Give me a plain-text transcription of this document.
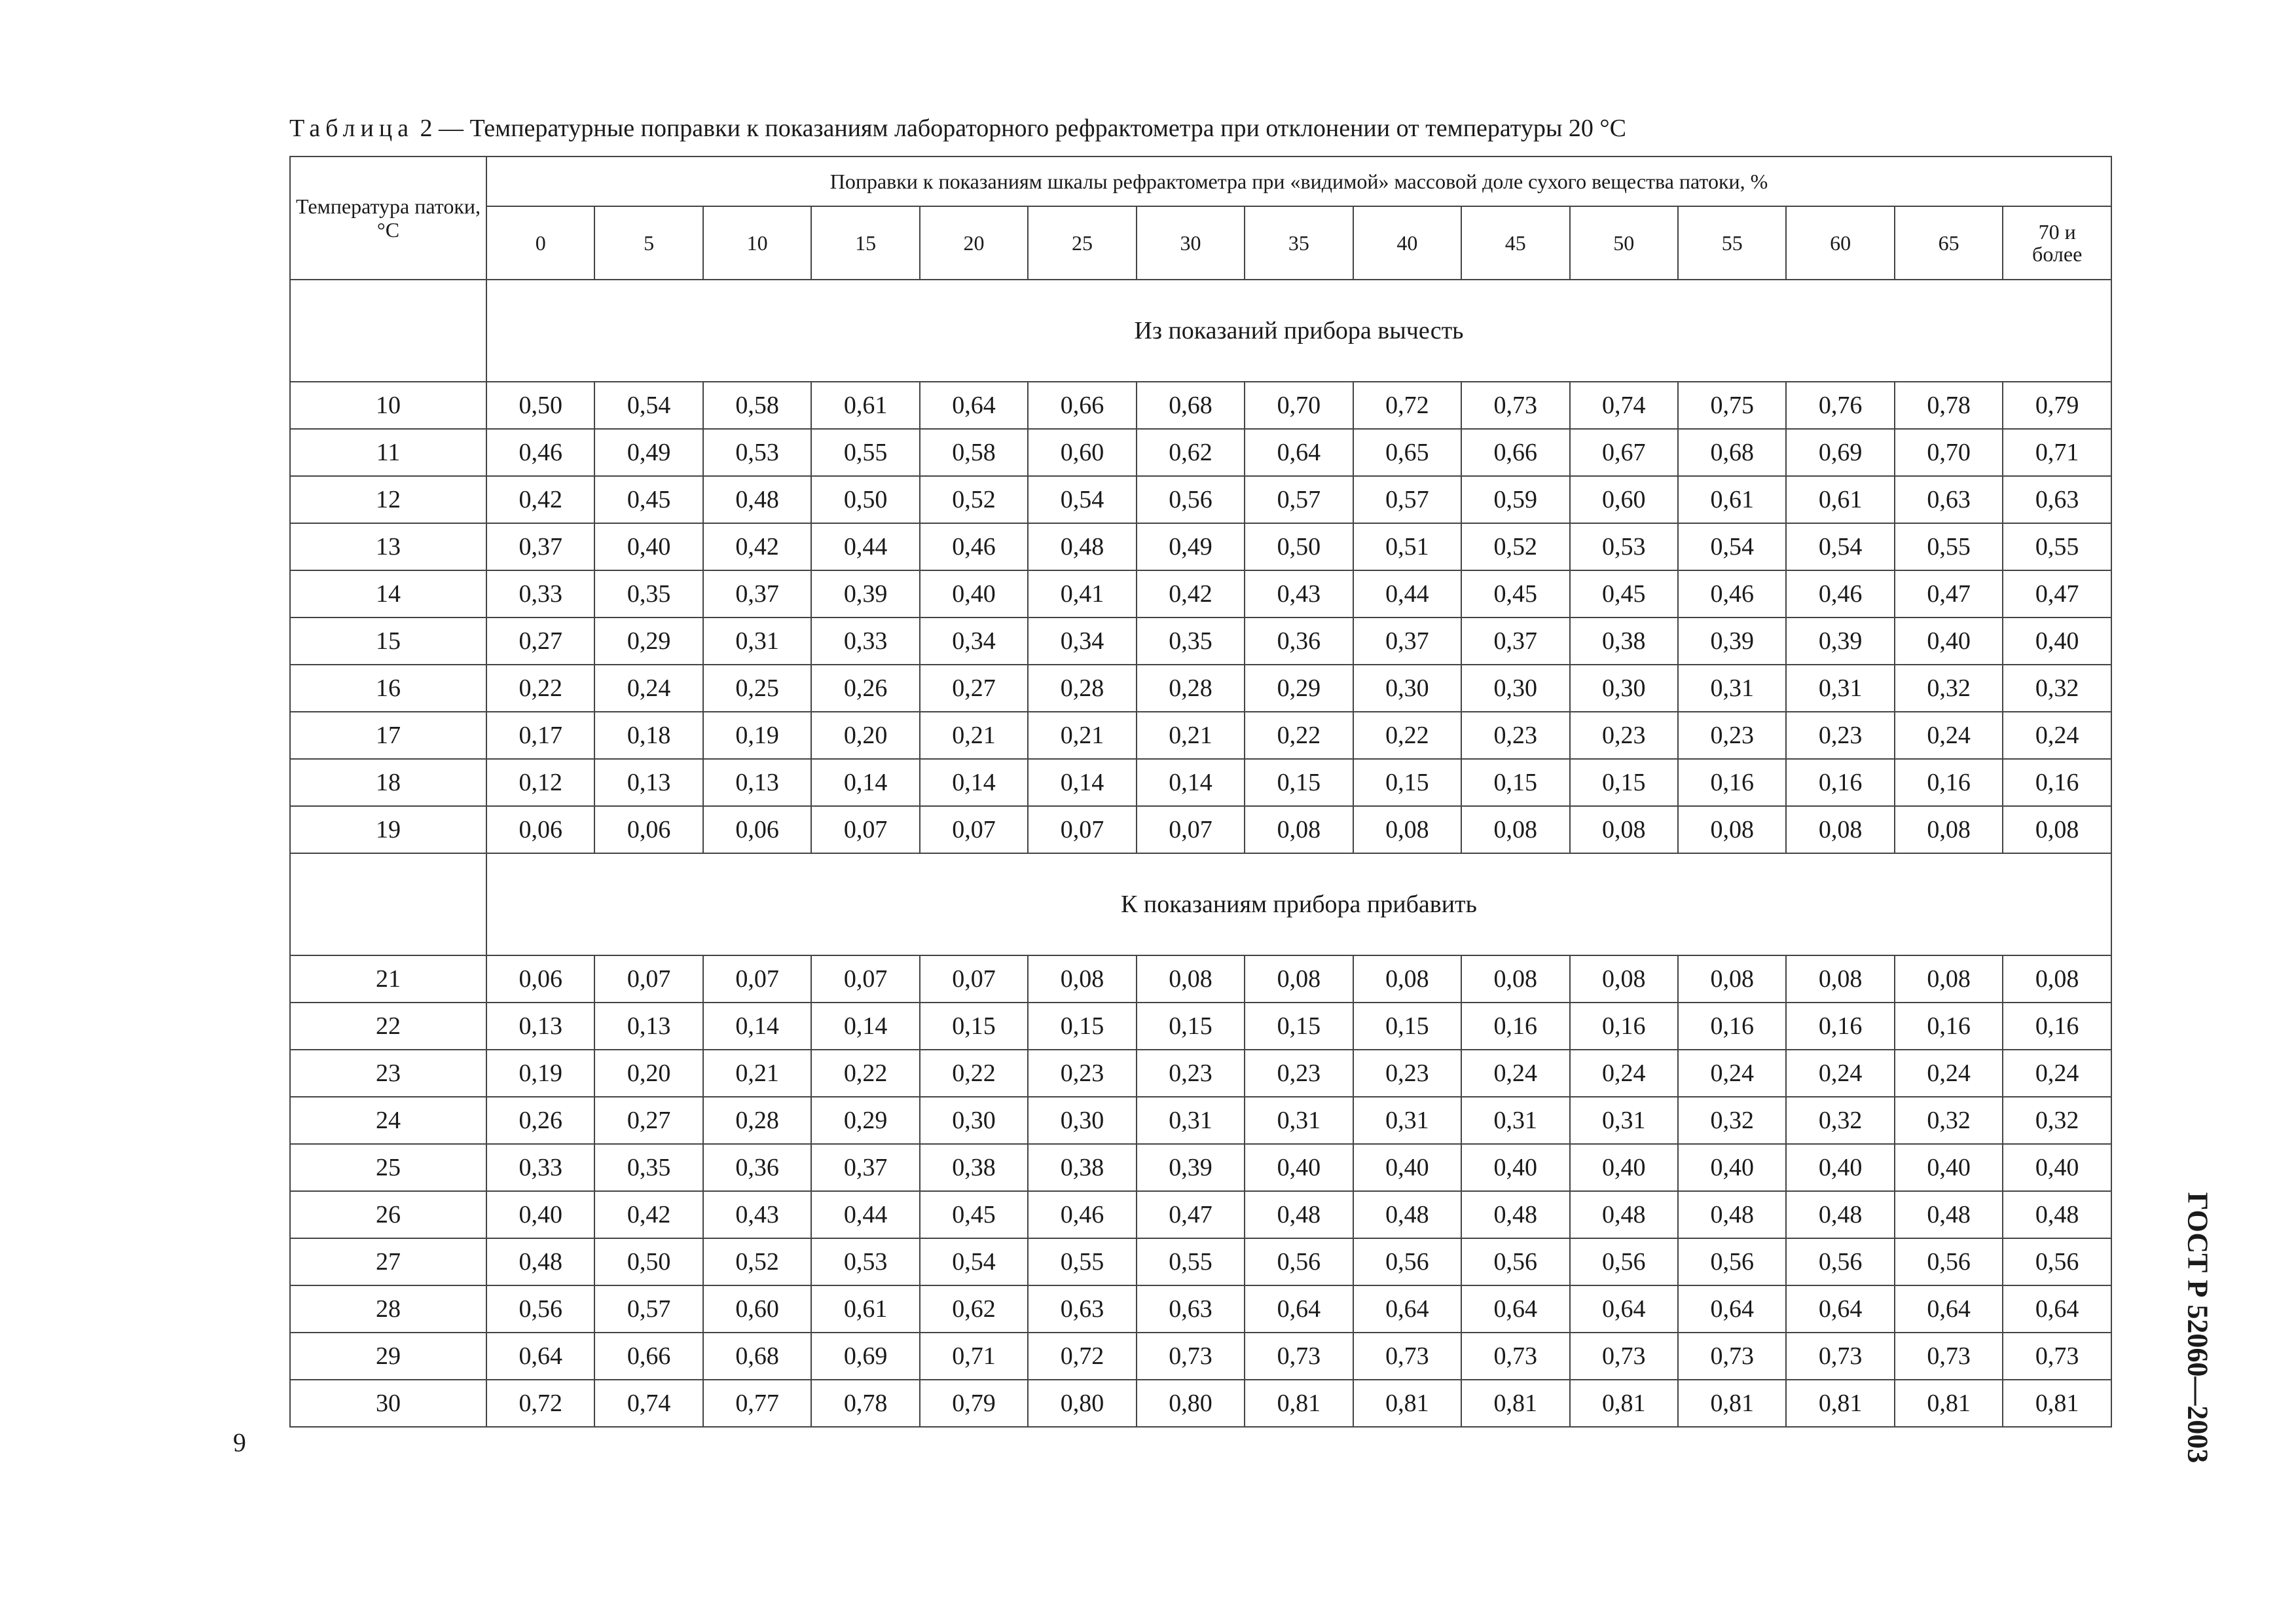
Таблица 2 — Температурные поправки к показаниям лабораторного рефрактометра при отклонении от температуры 20 °С
Температура патоки, °С	Поправки к показаниям шкалы рефрактометра при «видимой» массовой доле сухого вещества патоки, %														
	0	5	10	15	20	25	30	35	40	45	50	55	60	65	70 и более
	Из показаний прибора вычесть														
10	0,50	0,54	0,58	0,61	0,64	0,66	0,68	0,70	0,72	0,73	0,74	0,75	0,76	0,78	0,79
11	0,46	0,49	0,53	0,55	0,58	0,60	0,62	0,64	0,65	0,66	0,67	0,68	0,69	0,70	0,71
12	0,42	0,45	0,48	0,50	0,52	0,54	0,56	0,57	0,57	0,59	0,60	0,61	0,61	0,63	0,63
13	0,37	0,40	0,42	0,44	0,46	0,48	0,49	0,50	0,51	0,52	0,53	0,54	0,54	0,55	0,55
14	0,33	0,35	0,37	0,39	0,40	0,41	0,42	0,43	0,44	0,45	0,45	0,46	0,46	0,47	0,47
15	0,27	0,29	0,31	0,33	0,34	0,34	0,35	0,36	0,37	0,37	0,38	0,39	0,39	0,40	0,40
16	0,22	0,24	0,25	0,26	0,27	0,28	0,28	0,29	0,30	0,30	0,30	0,31	0,31	0,32	0,32
17	0,17	0,18	0,19	0,20	0,21	0,21	0,21	0,22	0,22	0,23	0,23	0,23	0,23	0,24	0,24
18	0,12	0,13	0,13	0,14	0,14	0,14	0,14	0,15	0,15	0,15	0,15	0,16	0,16	0,16	0,16
19	0,06	0,06	0,06	0,07	0,07	0,07	0,07	0,08	0,08	0,08	0,08	0,08	0,08	0,08	0,08
	К показаниям прибора прибавить														
21	0,06	0,07	0,07	0,07	0,07	0,08	0,08	0,08	0,08	0,08	0,08	0,08	0,08	0,08	0,08
22	0,13	0,13	0,14	0,14	0,15	0,15	0,15	0,15	0,15	0,16	0,16	0,16	0,16	0,16	0,16
23	0,19	0,20	0,21	0,22	0,22	0,23	0,23	0,23	0,23	0,24	0,24	0,24	0,24	0,24	0,24
24	0,26	0,27	0,28	0,29	0,30	0,30	0,31	0,31	0,31	0,31	0,31	0,32	0,32	0,32	0,32
25	0,33	0,35	0,36	0,37	0,38	0,38	0,39	0,40	0,40	0,40	0,40	0,40	0,40	0,40	0,40
26	0,40	0,42	0,43	0,44	0,45	0,46	0,47	0,48	0,48	0,48	0,48	0,48	0,48	0,48	0,48
27	0,48	0,50	0,52	0,53	0,54	0,55	0,55	0,56	0,56	0,56	0,56	0,56	0,56	0,56	0,56
28	0,56	0,57	0,60	0,61	0,62	0,63	0,63	0,64	0,64	0,64	0,64	0,64	0,64	0,64	0,64
29	0,64	0,66	0,68	0,69	0,71	0,72	0,73	0,73	0,73	0,73	0,73	0,73	0,73	0,73	0,73
30	0,72	0,74	0,77	0,78	0,79	0,80	0,80	0,81	0,81	0,81	0,81	0,81	0,81	0,81	0,81
6	ГОСТ Р 52060—2003
